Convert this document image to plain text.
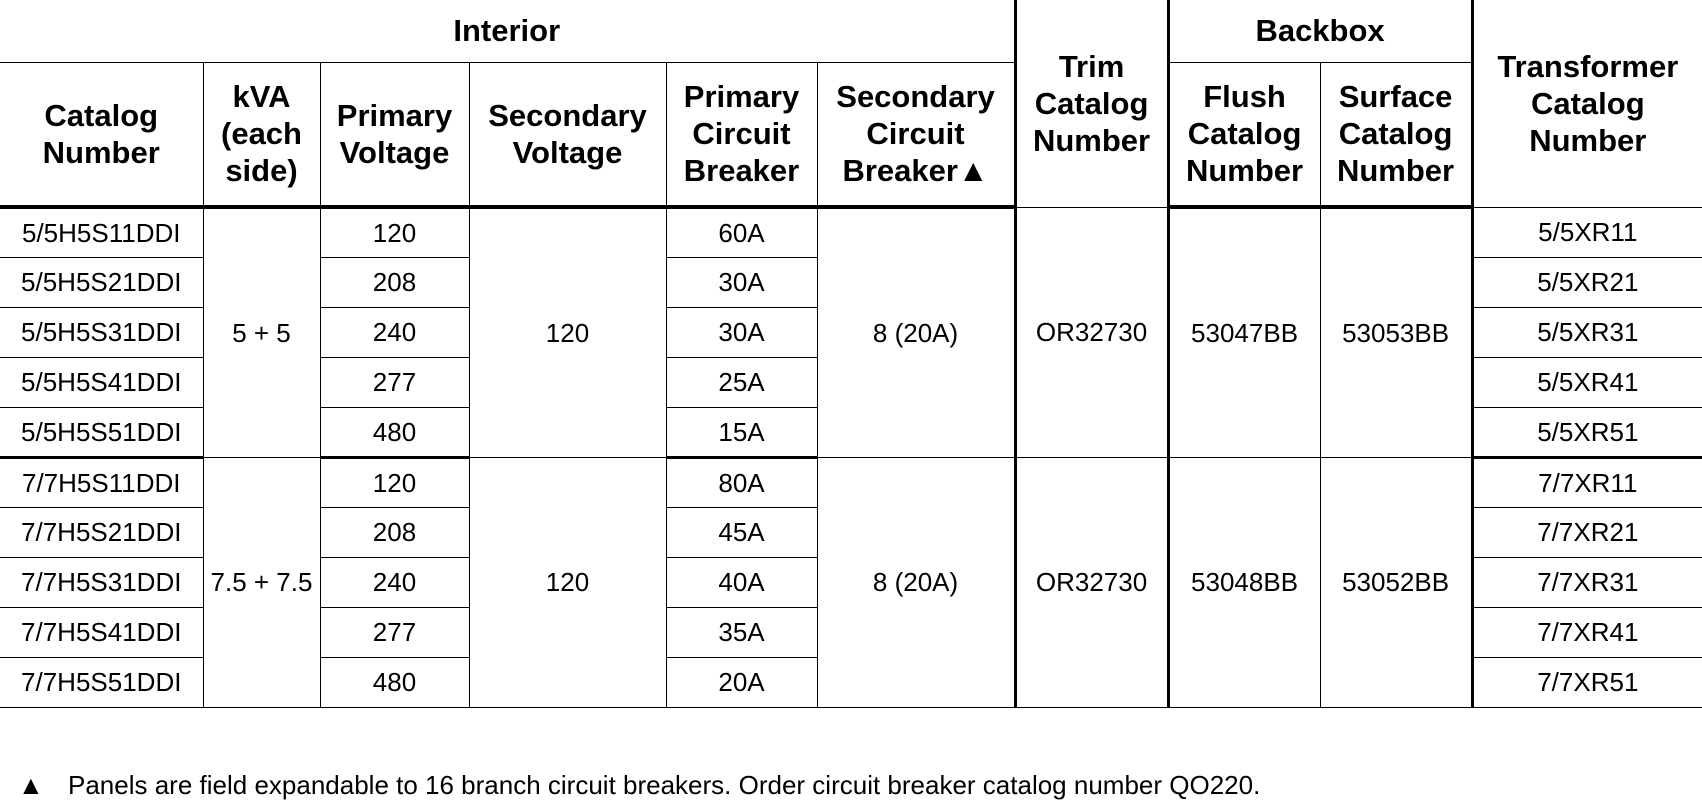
Interior						Trim Catalog Number	Backbox		Transformer Catalog Number
Catalog Number	kVA (each side)	Primary Voltage	Secondary Voltage	Primary Circuit Breaker	Secondary Circuit Breaker▲		Flush Catalog Number	Surface Catalog Number	
5/5H5S11DDI	5 + 5	120	120	60A	8 (20A)	OR32730	53047BB	53053BB	5/5XR11
5/5H5S21DDI		208		30A					5/5XR21
5/5H5S31DDI		240		30A					5/5XR31
5/5H5S41DDI		277		25A					5/5XR41
5/5H5S51DDI		480		15A					5/5XR51
7/7H5S11DDI	7.5 + 7.5	120	120	80A	8 (20A)	OR32730	53048BB	53052BB	7/7XR11
7/7H5S21DDI		208		45A					7/7XR21
7/7H5S31DDI		240		40A					7/7XR31
7/7H5S41DDI		277		35A					7/7XR41
7/7H5S51DDI		480		20A					7/7XR51
▲ Panels are field expandable to 16 branch circuit breakers. Order circuit breaker catalog number QO220.
